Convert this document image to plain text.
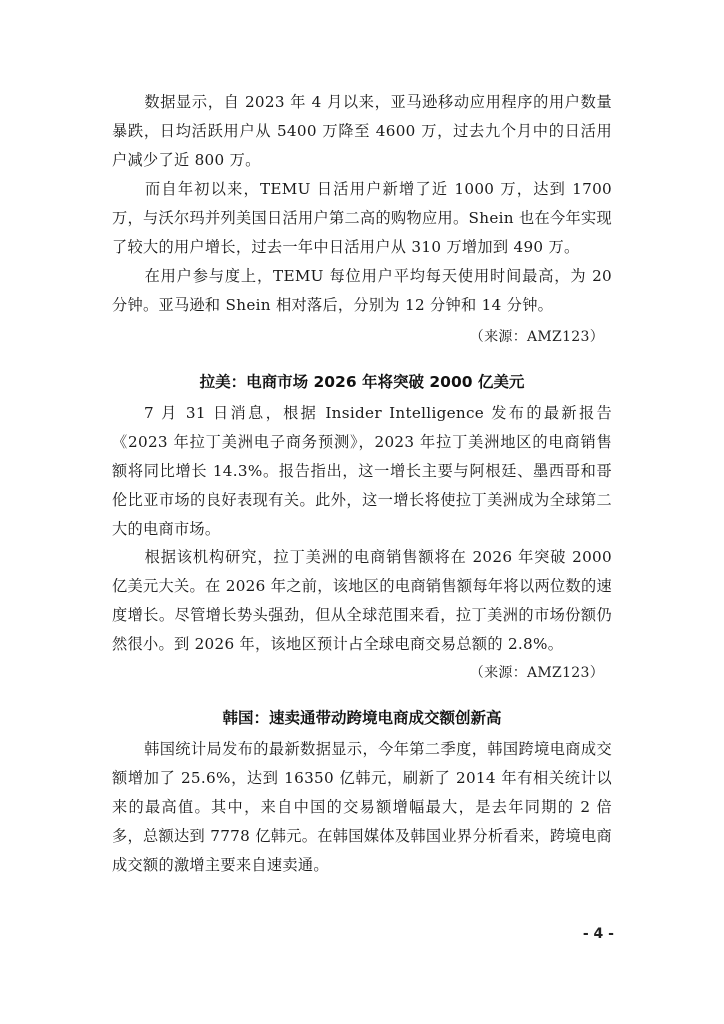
数据显示，自 2023 年 4 月以来，亚马逊移动应用程序的用户数量暴跌，日均活跃用户从 5400 万降至 4600 万，过去九个月中的日活用户减少了近 800 万。

而自年初以来，TEMU 日活用户新增了近 1000 万，达到 1700 万，与沃尔玛并列美国日活用户第二高的购物应用。Shein 也在今年实现了较大的用户增长，过去一年中日活用户从 310 万增加到 490 万。

在用户参与度上，TEMU 每位用户平均每天使用时间最高，为 20 分钟。亚马逊和 Shein 相对落后，分别为 12 分钟和 14 分钟。

（来源：AMZ123）
拉美：电商市场 2026 年将突破 2000 亿美元

7 月 31 日消息，根据 Insider Intelligence 发布的最新报告《2023 年拉丁美洲电子商务预测》，2023 年拉丁美洲地区的电商销售额将同比增长 14.3%。报告指出，这一增长主要与阿根廷、墨西哥和哥伦比亚市场的良好表现有关。此外，这一增长将使拉丁美洲成为全球第二大的电商市场。

根据该机构研究，拉丁美洲的电商销售额将在 2026 年突破 2000 亿美元大关。在 2026 年之前，该地区的电商销售额每年将以两位数的速度增长。尽管增长势头强劲，但从全球范围来看，拉丁美洲的市场份额仍然很小。到 2026 年，该地区预计占全球电商交易总额的 2.8%。

（来源：AMZ123）
韩国：速卖通带动跨境电商成交额创新高

韩国统计局发布的最新数据显示，今年第二季度，韩国跨境电商成交额增加了 25.6%，达到 16350 亿韩元，刷新了 2014 年有相关统计以来的最高值。其中，来自中国的交易额增幅最大，是去年同期的 2 倍多，总额达到 7778 亿韩元。在韩国媒体及韩国业界分析看来，跨境电商成交额的激增主要来自速卖通。

- 4 -
